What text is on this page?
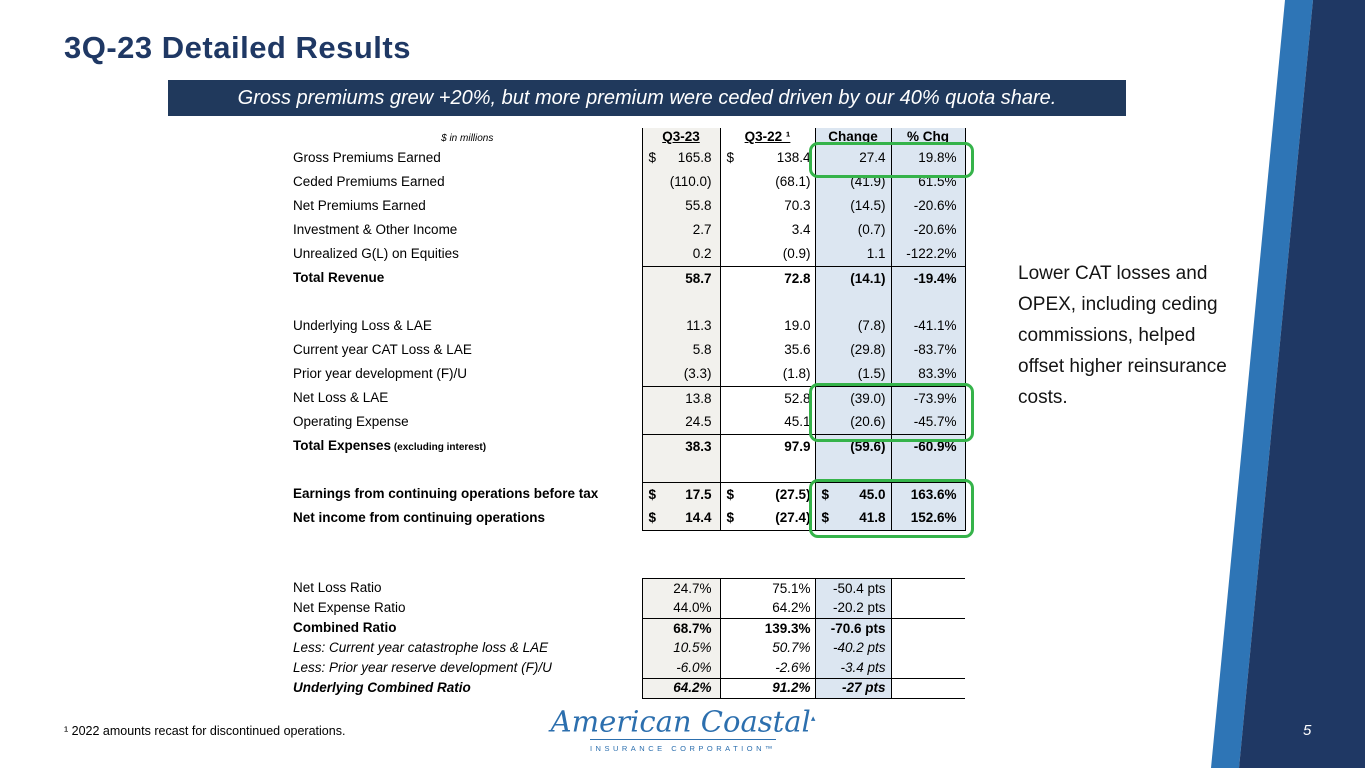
3Q-23 Detailed Results
Gross premiums grew +20%, but more premium were ceded driven by our 40% quota share.
$ in millions	Q3-23	Q3-22 ¹	Change	% Chg
Gross Premiums Earned	$ 165.8	$ 138.4	27.4	19.8%
Ceded Premiums Earned	(110.0)	(68.1)	(41.9)	61.5%
Net Premiums Earned	55.8	70.3	(14.5)	-20.6%
Investment & Other Income	2.7	3.4	(0.7)	-20.6%
Unrealized G(L) on Equities	0.2	(0.9)	1.1	-122.2%
Total Revenue	58.7	72.8	(14.1)	-19.4%

Underlying Loss & LAE	11.3	19.0	(7.8)	-41.1%
Current year CAT Loss & LAE	5.8	35.6	(29.8)	-83.7%
Prior year development (F)/U	(3.3)	(1.8)	(1.5)	83.3%
Net Loss & LAE	13.8	52.8	(39.0)	-73.9%
Operating Expense	24.5	45.1	(20.6)	-45.7%
Total Expenses (excluding interest)	38.3	97.9	(59.6)	-60.9%

Earnings from continuing operations before tax	$ 17.5	$ (27.5)	$ 45.0	163.6%
Net income from continuing operations	$ 14.4	$ (27.4)	$ 41.8	152.6%

Net Loss Ratio	24.7%	75.1%	-50.4 pts	
Net Expense Ratio	44.0%	64.2%	-20.2 pts	
Combined Ratio	68.7%	139.3%	-70.6 pts	
Less: Current year catastrophe loss & LAE	10.5%	50.7%	-40.2 pts	
Less: Prior year reserve development (F)/U	-6.0%	-2.6%	-3.4 pts	
Underlying Combined Ratio	64.2%	91.2%	-27 pts	
Lower CAT losses and OPEX, including ceding commissions, helped offset higher reinsurance costs.
¹ 2022 amounts recast for discontinued operations.	American Coastal▴
INSURANCE CORPORATION™
5
